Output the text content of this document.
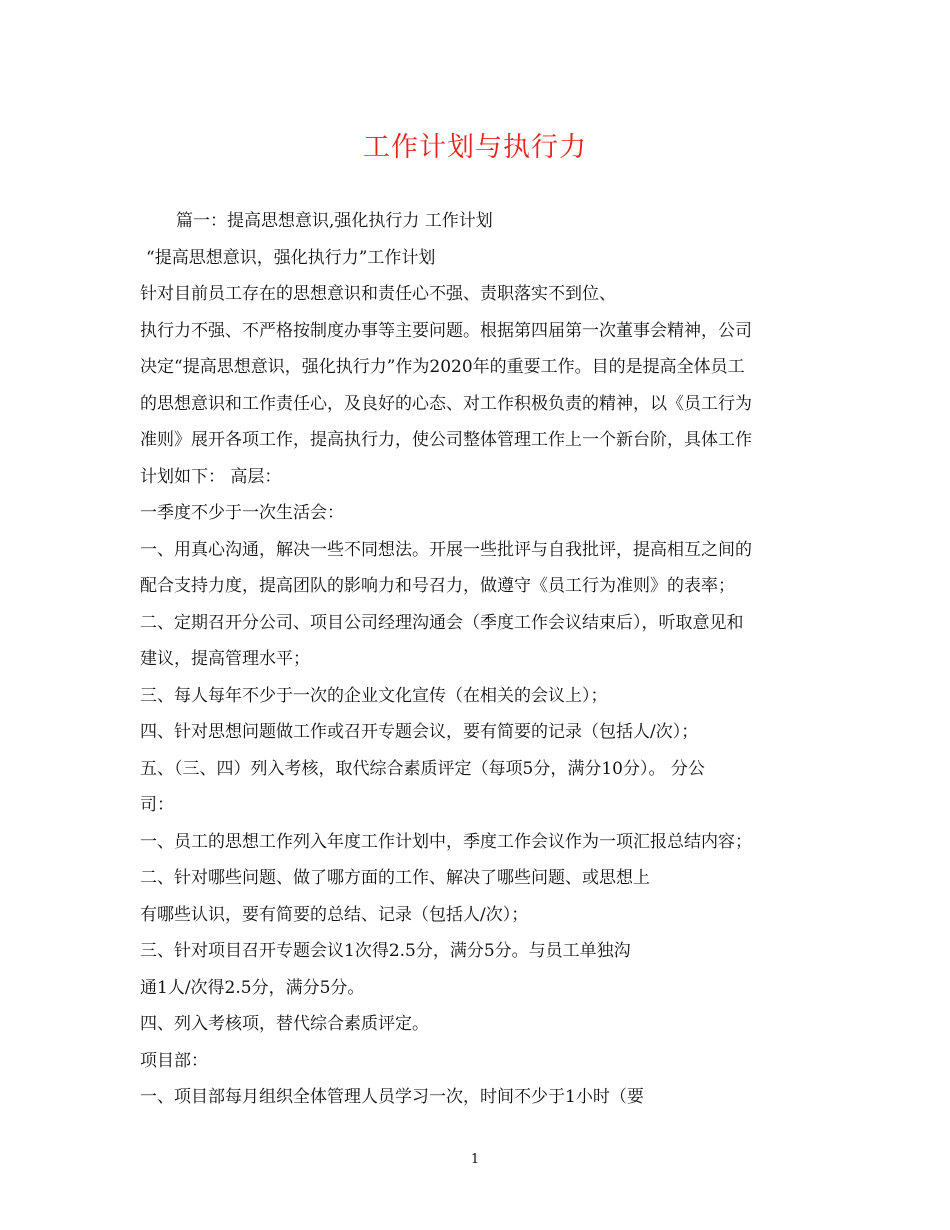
工作计划与执行力
篇一：提高思想意识,强化执行力 工作计划
“提高思想意识，强化执行力”工作计划
针对目前员工存在的思想意识和责任心不强、责职落实不到位、
执行力不强、不严格按制度办事等主要问题。根据第四届第一次董事会精神，公司
决定“提高思想意识，强化执行力”作为2020年的重要工作。目的是提高全体员工
的思想意识和工作责任心，及良好的心态、对工作积极负责的精神，以《员工行为
准则》展开各项工作，提高执行力，使公司整体管理工作上一个新台阶，具体工作
计划如下： 高层：
一季度不少于一次生活会：
一、用真心沟通，解决一些不同想法。开展一些批评与自我批评，提高相互之间的
配合支持力度，提高团队的影响力和号召力，做遵守《员工行为准则》的表率；
二、定期召开分公司、项目公司经理沟通会（季度工作会议结束后），听取意见和
建议，提高管理水平；
三、每人每年不少于一次的企业文化宣传（在相关的会议上）；
四、针对思想问题做工作或召开专题会议，要有简要的记录（包括人/次）；
五、（三、四）列入考核，取代综合素质评定（每项5分，满分10分）。 分公
司：
一、员工的思想工作列入年度工作计划中，季度工作会议作为一项汇报总结内容；
二、针对哪些问题、做了哪方面的工作、解决了哪些问题、或思想上
有哪些认识，要有简要的总结、记录（包括人/次）；
三、针对项目召开专题会议1次得2.5分，满分5分。与员工单独沟
通1人/次得2.5分，满分5分。
四、列入考核项，替代综合素质评定。
项目部：
一、项目部每月组织全体管理人员学习一次，时间不少于1小时（要
1
